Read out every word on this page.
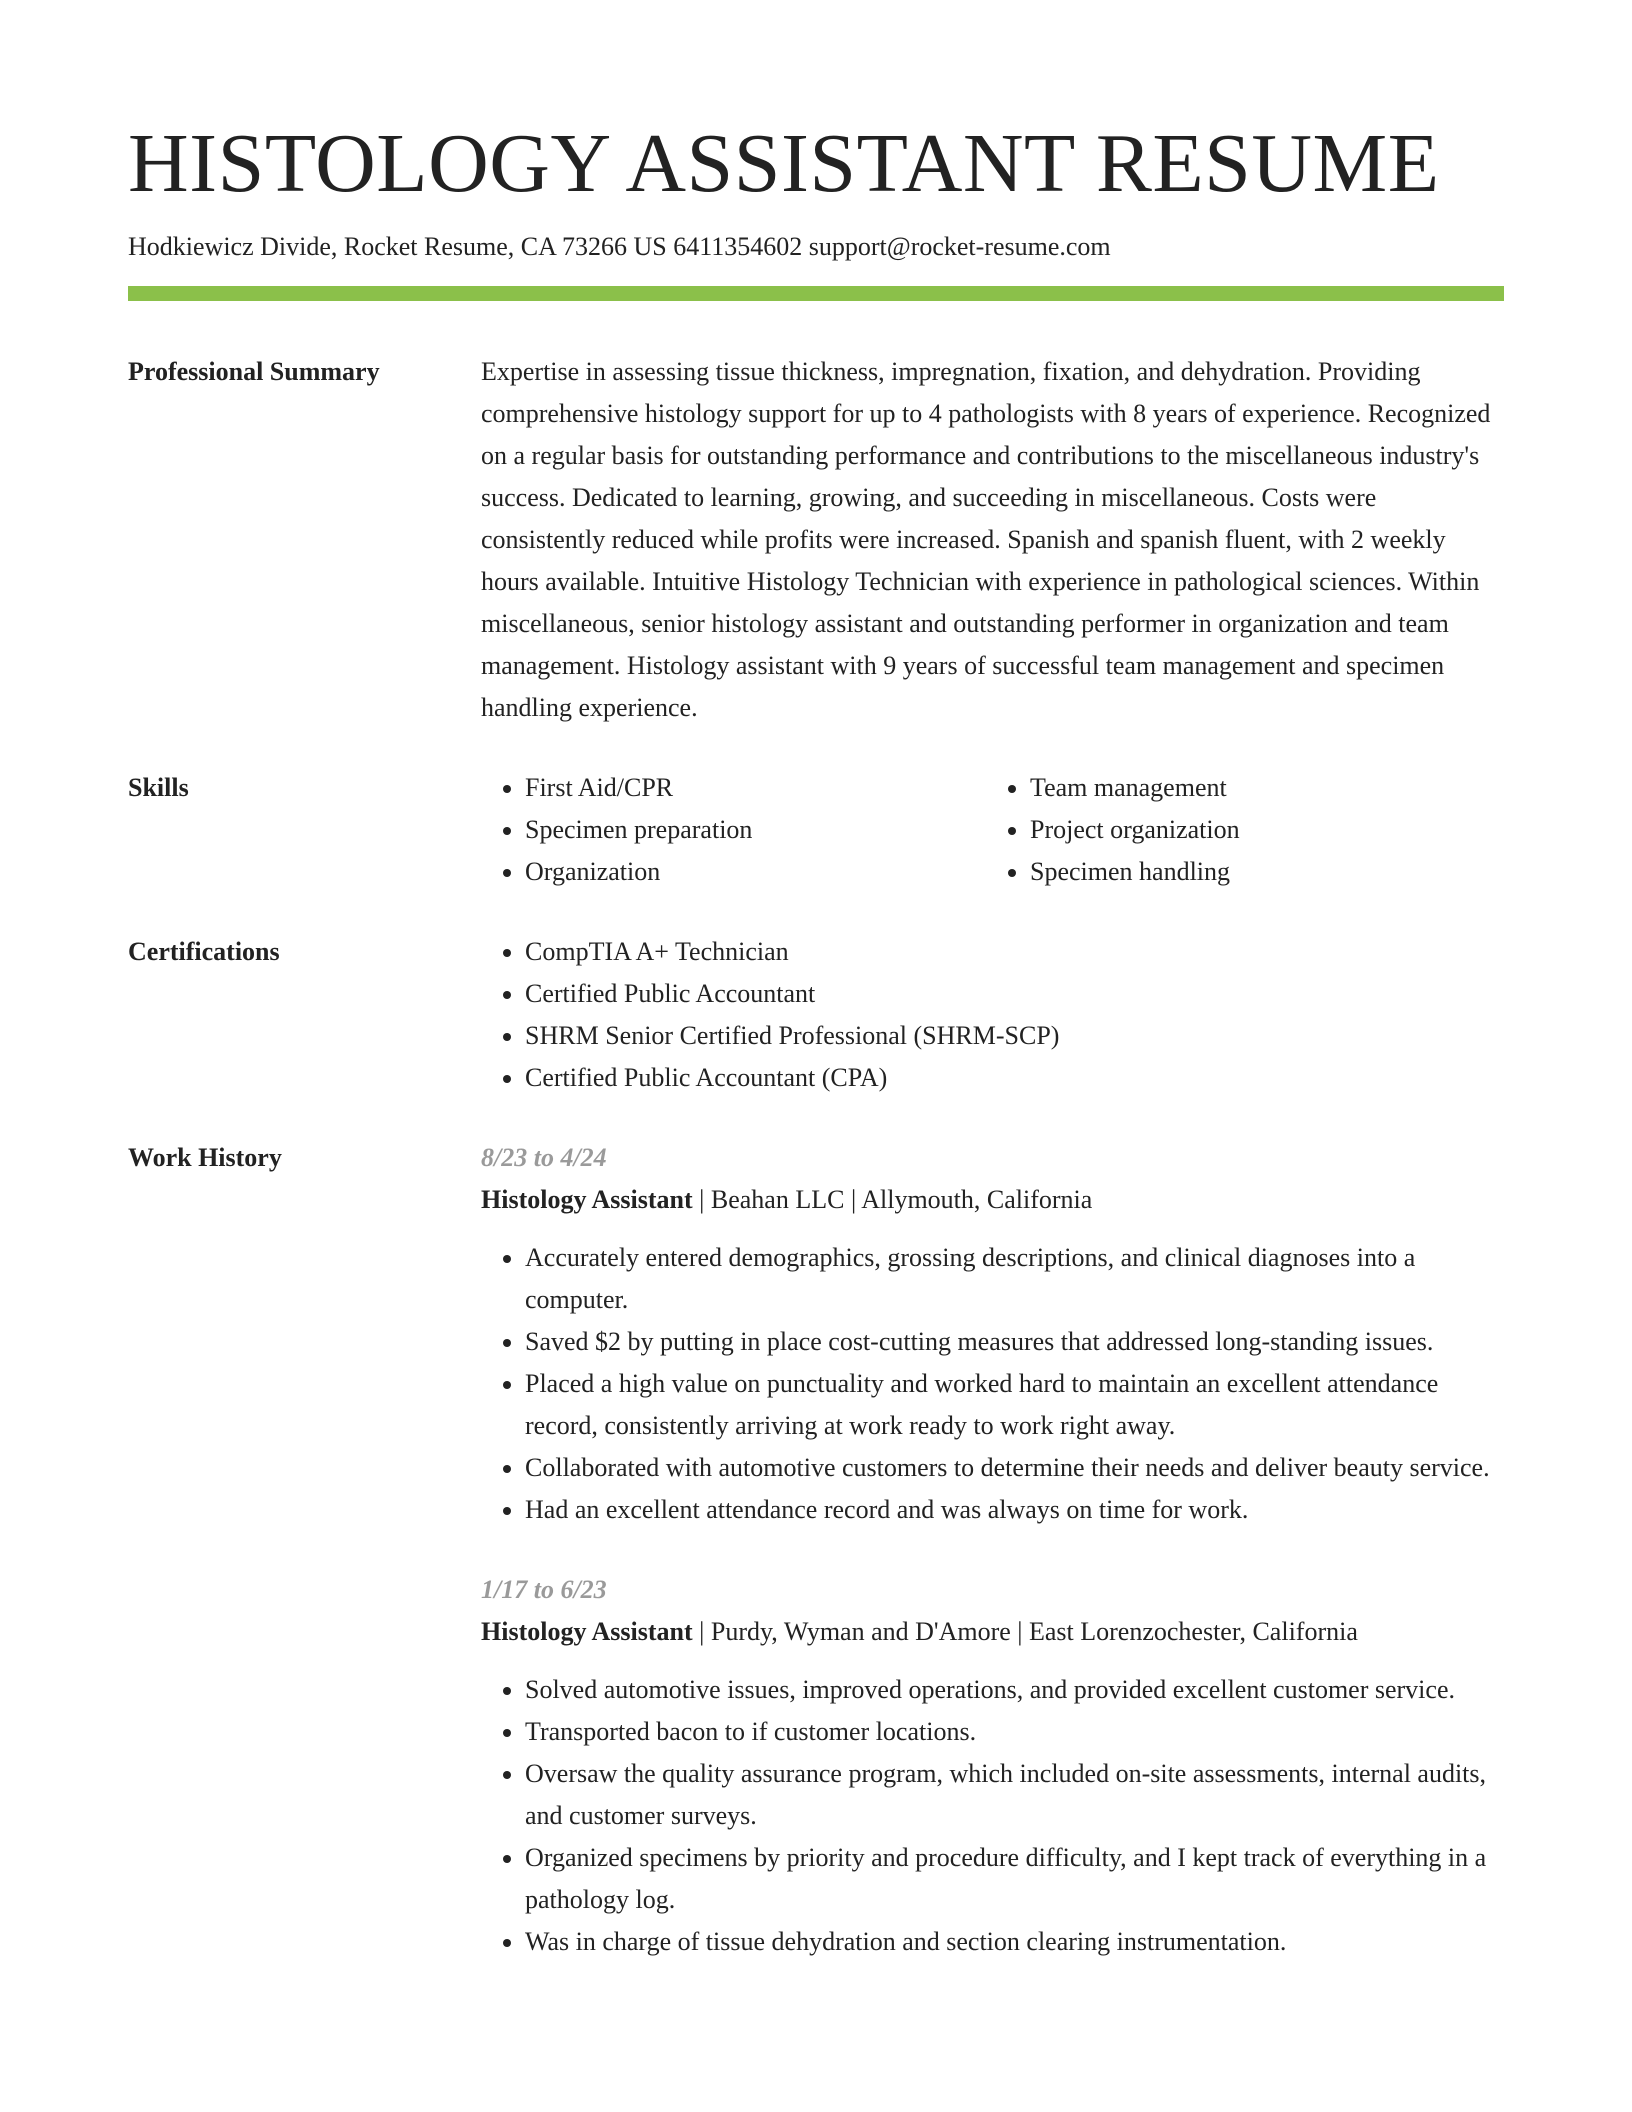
HISTOLOGY ASSISTANT RESUME
Hodkiewicz Divide, Rocket Resume, CA 73266 US 6411354602 support@rocket-resume.com
Professional Summary	Expertise in assessing tissue thickness, impregnation, fixation, and dehydration. Providing comprehensive histology support for up to 4 pathologists with 8 years of experience. Recognized on a regular basis for outstanding performance and contributions to the miscellaneous industry's success. Dedicated to learning, growing, and succeeding in miscellaneous. Costs were consistently reduced while profits were increased. Spanish and spanish fluent, with 2 weekly hours available. Intuitive Histology Technician with experience in pathological sciences. Within miscellaneous, senior histology assistant and outstanding performer in organization and team management. Histology assistant with 9 years of successful team management and specimen handling experience.

Skills	• First Aid/CPR
• Specimen preparation
• Organization
• Team management
• Project organization
• Specimen handling
Certifications	• CompTIA A+ Technician
• Certified Public Accountant
• SHRM Senior Certified Professional (SHRM-SCP)
• Certified Public Accountant (CPA)
Work History	8/23 to 4/24
Histology Assistant | Beahan LLC | Allymouth, California
• Accurately entered demographics, grossing descriptions, and clinical diagnoses into a computer.
• Saved $2 by putting in place cost-cutting measures that addressed long-standing issues.
• Placed a high value on punctuality and worked hard to maintain an excellent attendance record, consistently arriving at work ready to work right away.
• Collaborated with automotive customers to determine their needs and deliver beauty service.
• Had an excellent attendance record and was always on time for work.
1/17 to 6/23
Histology Assistant | Purdy, Wyman and D'Amore | East Lorenzochester, California
• Solved automotive issues, improved operations, and provided excellent customer service.
• Transported bacon to if customer locations.
• Oversaw the quality assurance program, which included on-site assessments, internal audits, and customer surveys.
• Organized specimens by priority and procedure difficulty, and I kept track of everything in a pathology log.
• Was in charge of tissue dehydration and section clearing instrumentation.
